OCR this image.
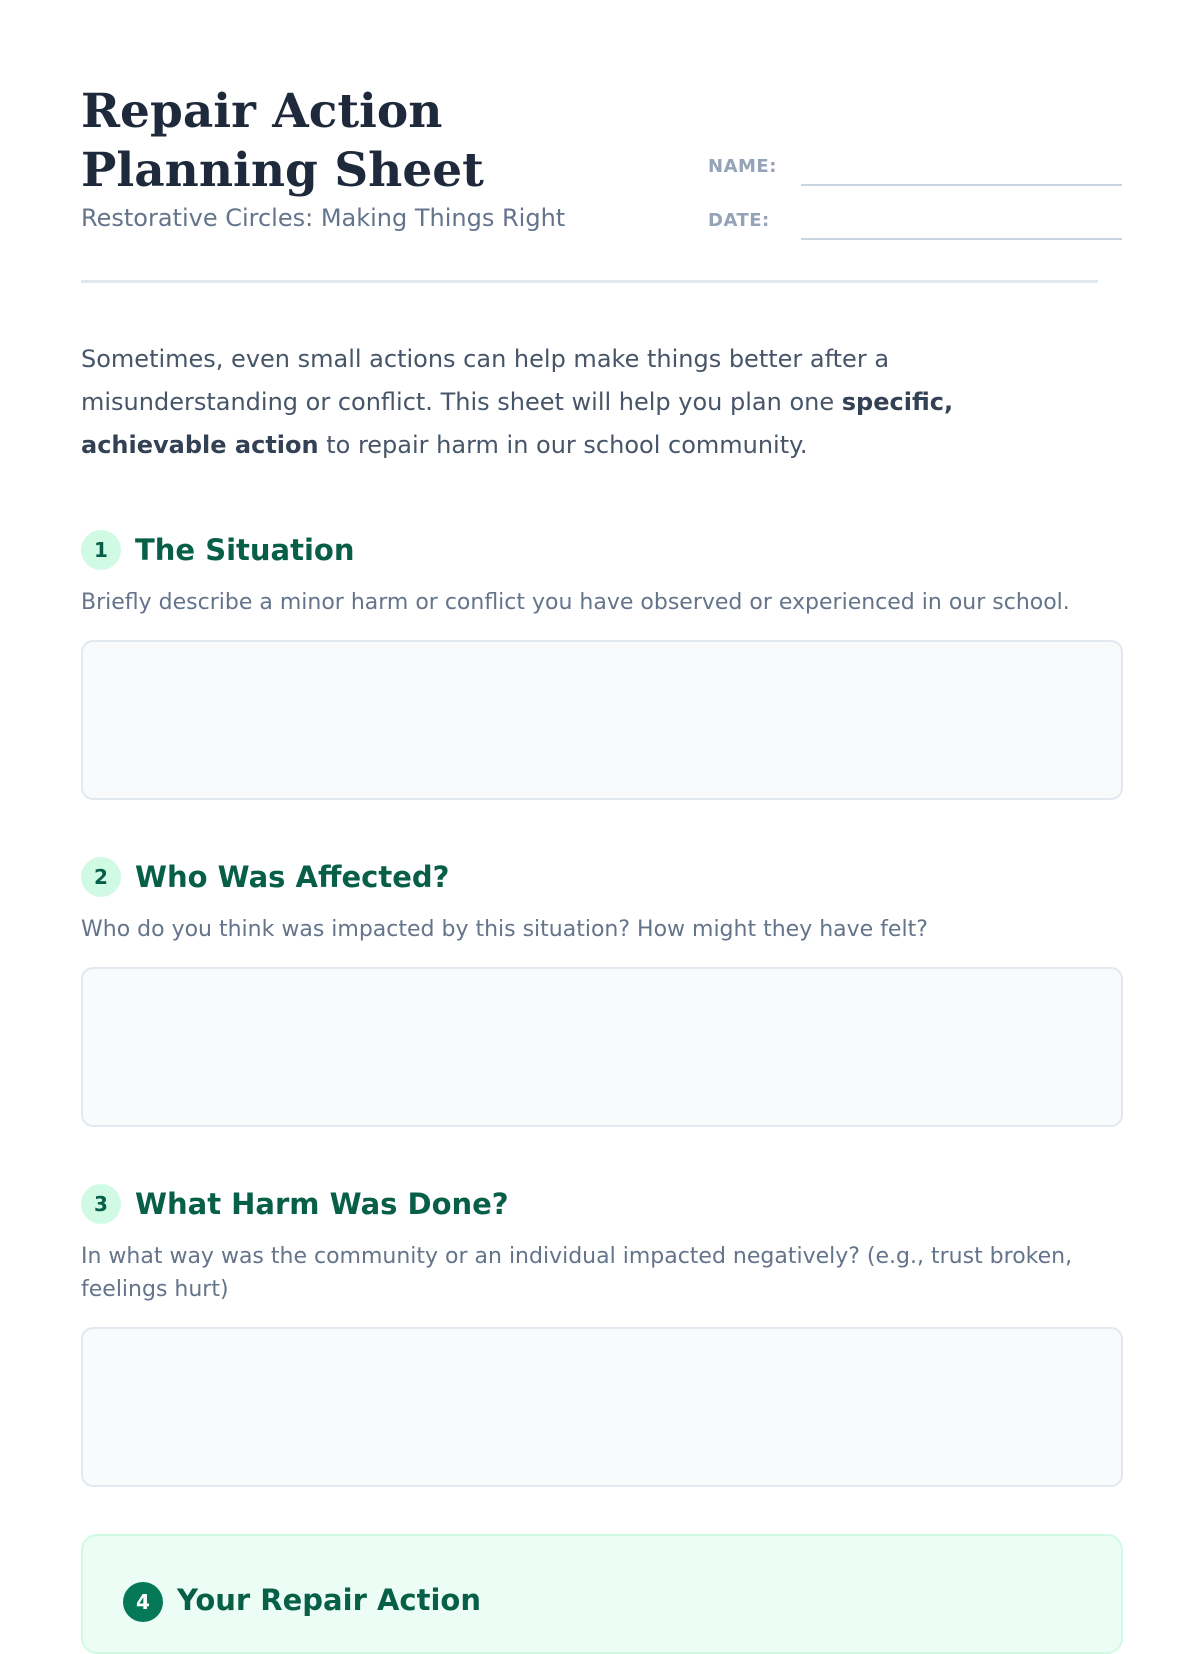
Repair Action Planning Sheet
Restorative Circles: Making Things Right
NAME:
DATE:

Sometimes, even small actions can help make things better after a misunderstanding or conflict. This sheet will help you plan one specific, achievable action to repair harm in our school community.

1 The Situation

Briefly describe a minor harm or conflict you have observed or experienced in our school.

2 Who Was Affected?

Who do you think was impacted by this situation? How might they have felt?

3 What Harm Was Done?

In what way was the community or an individual impacted negatively? (e.g., trust broken, feelings hurt)

4 Your Repair Action
